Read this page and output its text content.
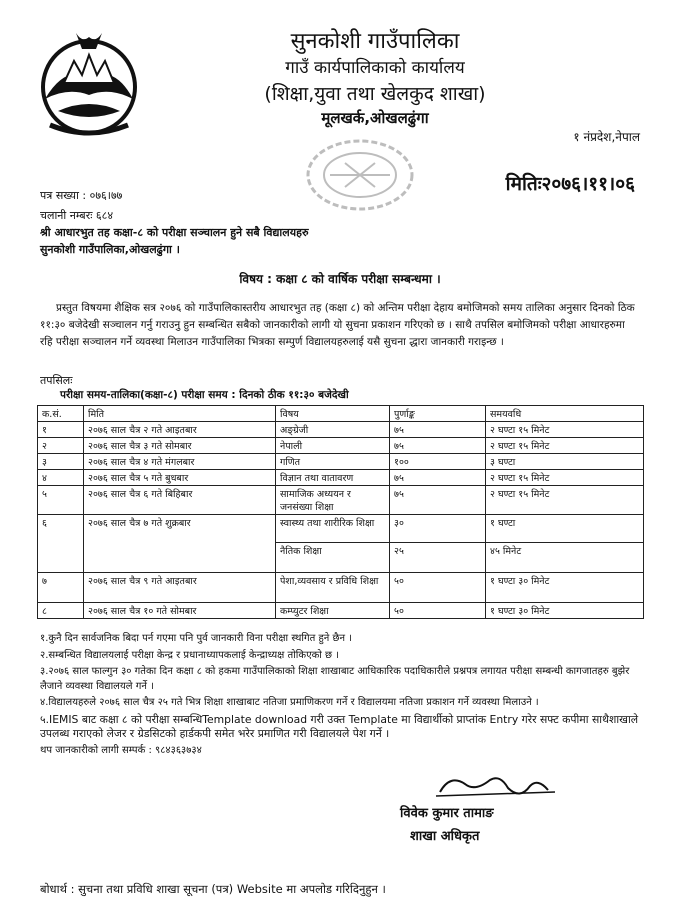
सुनकोशी गाउँपालिका
गाउँ कार्यपालिकाको कार्यालय
(शिक्षा,युवा तथा खेलकुद शाखा)
मूलखर्क,ओखलढुंगा
१ नंप्रदेश,नेपाल
मितिः२०७६।११।०६
पत्र सख्या : ०७६।७७
चलानी नम्बरः ६८४
श्री आधारभुत तह कक्षा-८ को परीक्षा सञ्चालन हुने सबै विद्यालयहरु
सुनकोशी गाउँपालिका,ओखलढुंगा ।
विषय : कक्षा ८ को वार्षिक परीक्षा सम्बन्धमा ।
प्रस्तुत विषयमा शैक्षिक सत्र २०७६ को गाउँपालिकास्तरीय आधारभुत तह (कक्षा ८) को अन्तिम परीक्षा देहाय बमोजिमको समय तालिका अनुसार दिनको ठिक ११:३० बजेदेखी सञ्चालन गर्नु गराउनु हुन सम्बन्धित सबैको जानकारीको लागी यो सुचना प्रकाशन गरिएको छ । साथै तपसिल बमोजिमको परीक्षा आधारहरुमा रहि परीक्षा सञ्चालन गर्ने व्यवस्था मिलाउन गाउँपालिका भित्रका सम्पुर्ण विद्यालयहरुलाई यसै सुचना द्धारा जानकारी गराइन्छ ।
तपसिलः
परीक्षा समय-तालिका(कक्षा-८) परीक्षा समय : दिनको ठीक ११:३० बजेदेखी
क.सं.	मिति	विषय	पुर्णाङ्क	समयवधि
१	२०७६ साल चैत्र २ गते आइतबार	अङ्ग्रेजी	७५	२ घण्टा १५ मिनेट
२	२०७६ साल चैत्र ३ गते सोमबार	नेपाली	७५	२ घण्टा १५ मिनेट
३	२०७६ साल चैत्र ४ गते मंगलबार	गणित	१००	३ घण्टा
४	२०७६ साल चैत्र ५ गते बुधबार	विज्ञान तथा वातावरण	७५	२ घण्टा १५ मिनेट
५	२०७६ साल चैत्र ६ गते बिहिबार	सामाजिक अध्ययन र जनसंख्या शिक्षा	७५	२ घण्टा १५ मिनेट
६	२०७६ साल चैत्र ७ गते शुक्रबार	स्वास्थ्य तथा शारीरिक शिक्षा	३०	१ घण्टा
		नैतिक शिक्षा	२५	४५ मिनेट
७	२०७६ साल चैत्र ९ गते आइतबार	पेशा,व्यवसाय र प्रविधि शिक्षा	५०	१ घण्टा ३० मिनेट
८	२०७६ साल चैत्र १० गते सोमबार	कम्प्युटर शिक्षा	५०	१ घण्टा ३० मिनेट
१.कुनै दिन सार्वजनिक बिदा पर्न गएमा पनि पुर्व जानकारी विना परीक्षा स्थगित हुने छैन ।
२.सम्बन्धित विद्यालयलाई परीक्षा केन्द्र र प्रधानाध्यापकलाई केन्द्राध्यक्ष तोकिएको छ ।
३.२०७६ साल फाल्गुन ३० गतेका दिन कक्षा ८ को हकमा गाउँपालिकाको शिक्षा शाखाबाट आधिकारिक पदाधिकारीले प्रश्नपत्र लगायत परीक्षा सम्बन्धी कागजातहरु बुझेर लैजाने व्यवस्था विद्यालयले गर्ने ।
४.विद्यालयहरुले २०७६ साल चैत्र २५ गते भित्र शिक्षा शाखाबाट नतिजा प्रमाणिकरण गर्ने र विद्यालयमा नतिजा प्रकाशन गर्ने व्यवस्था मिलाउने ।
५.IEMIS बाट कक्षा ८ को परीक्षा सम्बन्धिTemplate download गरी उक्त Template मा विद्यार्थीको प्राप्तांक Entry गरेर सफ्ट कपीमा साथैशाखाले उपलब्ध गराएको लेजर र ग्रेडसिटको हार्डकपी समेत भरेर प्रमाणित गरी विद्यालयले पेश गर्ने ।
थप जानकारीको लागी सम्पर्क : ९८४३६३७३४
विवेक कुमार तामाङ
शाखा अधिकृत
बोधार्थ : सुचना तथा प्रविधि शाखा सूचना (पत्र) Website मा अपलोड गरिदिनुहुन ।
